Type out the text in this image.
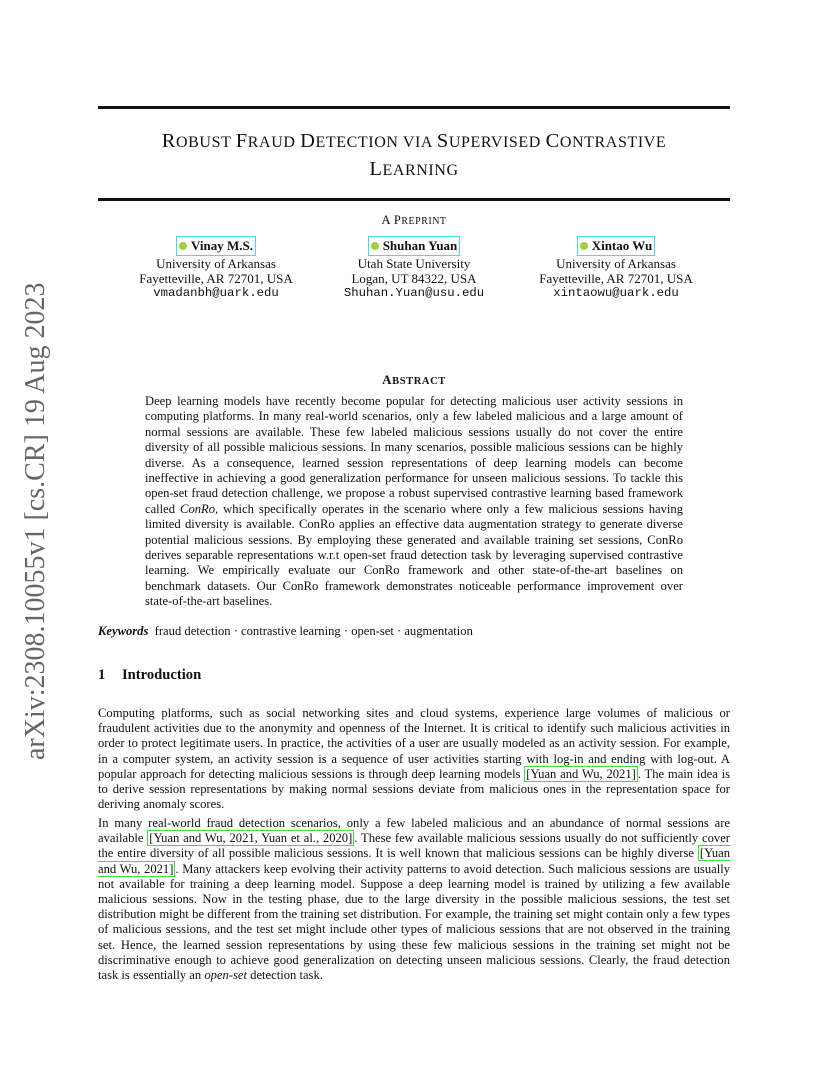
arXiv:2308.10055v1 [cs.CR] 19 Aug 2023
ROBUST FRAUD DETECTION VIA SUPERVISED CONTRASTIVE
LEARNING
A PREPRINT
Vinay M.S.
University of Arkansas
Fayetteville, AR 72701, USA
vmadanbh@uark.edu
Shuhan Yuan
Utah State University
Logan, UT 84322, USA
Shuhan.Yuan@usu.edu
Xintao Wu
University of Arkansas
Fayetteville, AR 72701, USA
xintaowu@uark.edu
ABSTRACT
Deep learning models have recently become popular for detecting malicious user activity sessions in computing platforms. In many real-world scenarios, only a few labeled malicious and a large amount of normal sessions are available. These few labeled malicious sessions usually do not cover the entire diversity of all possible malicious sessions. In many scenarios, possible malicious sessions can be highly diverse. As a consequence, learned session representations of deep learning models can become ineffective in achieving a good generalization performance for unseen malicious sessions. To tackle this open-set fraud detection challenge, we propose a robust supervised contrastive learning based framework called ConRo, which specifically operates in the scenario where only a few malicious sessions having limited diversity is available. ConRo applies an effective data augmentation strategy to generate diverse potential malicious sessions. By employing these generated and available training set sessions, ConRo derives separable representations w.r.t open-set fraud detection task by leveraging supervised contrastive learning. We empirically evaluate our ConRo framework and other state-of-the-art baselines on benchmark datasets. Our ConRo framework demonstrates noticeable performance improvement over state-of-the-art baselines.
Keywords fraud detection · contrastive learning · open-set · augmentation
1 Introduction
Computing platforms, such as social networking sites and cloud systems, experience large volumes of malicious or fraudulent activities due to the anonymity and openness of the Internet. It is critical to identify such malicious activities in order to protect legitimate users. In practice, the activities of a user are usually modeled as an activity session. For example, in a computer system, an activity session is a sequence of user activities starting with log-in and ending with log-out. A popular approach for detecting malicious sessions is through deep learning models [Yuan and Wu, 2021] . The main idea is to derive session representations by making normal sessions deviate from malicious ones in the representation space for deriving anomaly scores.
In many real-world fraud detection scenarios, only a few labeled malicious and an abundance of normal sessions are available [Yuan and Wu, 2021, Yuan et al., 2020] . These few available malicious sessions usually do not sufficiently cover the entire diversity of all possible malicious sessions. It is well known that malicious sessions can be highly diverse [Yuan and Wu, 2021] . Many attackers keep evolving their activity patterns to avoid detection. Such malicious sessions are usually not available for training a deep learning model. Suppose a deep learning model is trained by utilizing a few available malicious sessions. Now in the testing phase, due to the large diversity in the possible malicious sessions, the test set distribution might be different from the training set distribution. For example, the training set might contain only a few types of malicious sessions, and the test set might include other types of malicious sessions that are not observed in the training set. Hence, the learned session representations by using these few malicious sessions in the training set might not be discriminative enough to achieve good generalization on detecting unseen malicious sessions. Clearly, the fraud detection task is essentially an open-set detection task.
